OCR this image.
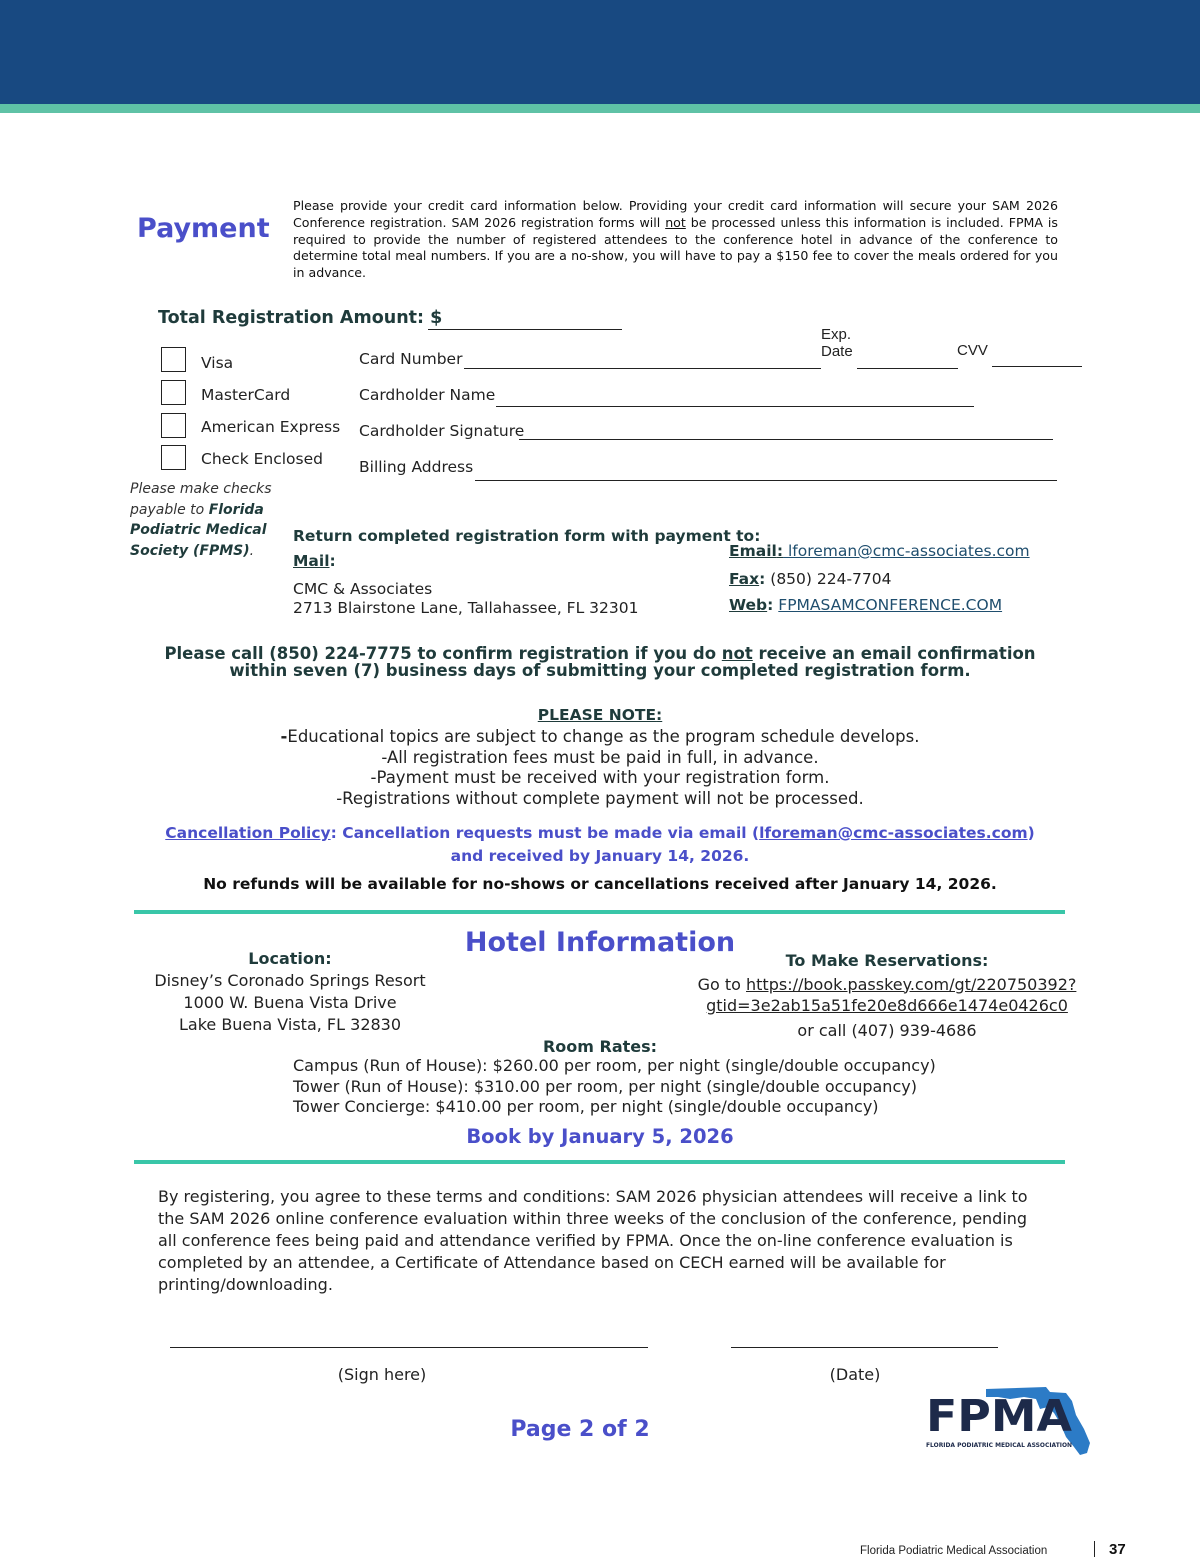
Payment
Please provide your credit card information below. Providing your credit card information will secure your SAM 2026 Conference registration. SAM 2026 registration forms will not be processed unless this information is included. FPMA is required to provide the number of registered attendees to the conference hotel in advance of the conference to determine total meal numbers. If you are a no-show, you will have to pay a $150 fee to cover the meals ordered for you in advance.
Total Registration Amount: $
Visa
MasterCard
American Express
Check Enclosed
Card Number
Exp.
Date	CVV
Cardholder Name
Cardholder Signature
Billing Address
Please make checks payable to Florida Podiatric Medical Society (FPMS).
Return completed registration form with payment to:
Mail:
CMC & Associates
2713 Blairstone Lane, Tallahassee, FL 32301
Email: lforeman@cmc-associates.com
Fax: (850) 224-7704
Web: FPMASAMCONFERENCE.COM
Please call (850) 224-7775 to confirm registration if you do not receive an email confirmation
within seven (7) business days of submitting your completed registration form.
PLEASE NOTE:
-Educational topics are subject to change as the program schedule develops.
-All registration fees must be paid in full, in advance.
-Payment must be received with your registration form.
-Registrations without complete payment will not be processed.
Cancellation Policy: Cancellation requests must be made via email (lforeman@cmc-associates.com)
and received by January 14, 2026.
No refunds will be available for no-shows or cancellations received after January 14, 2026.
Hotel Information
Location:
Disney’s Coronado Springs Resort
1000 W. Buena Vista Drive
Lake Buena Vista, FL 32830
To Make Reservations:
Go to https://book.passkey.com/gt/220750392?
gtid=3e2ab15a51fe20e8d666e1474e0426c0
or call (407) 939-4686
Room Rates:
Campus (Run of House): $260.00 per room, per night (single/double occupancy)
Tower (Run of House): $310.00 per room, per night (single/double occupancy)
Tower Concierge: $410.00 per room, per night (single/double occupancy)
Book by January 5, 2026
By registering, you agree to these terms and conditions: SAM 2026 physician attendees will receive a link to the SAM 2026 online conference evaluation within three weeks of the conclusion of the conference, pending all conference fees being paid and attendance verified by FPMA. Once the on-line conference evaluation is completed by an attendee, a Certificate of Attendance based on CECH earned will be available for printing/downloading.
(Sign here)	(Date)
Page 2 of 2	FPMA
FLORIDA PODIATRIC MEDICAL ASSOCIATION
Florida Podiatric Medical Association	37
